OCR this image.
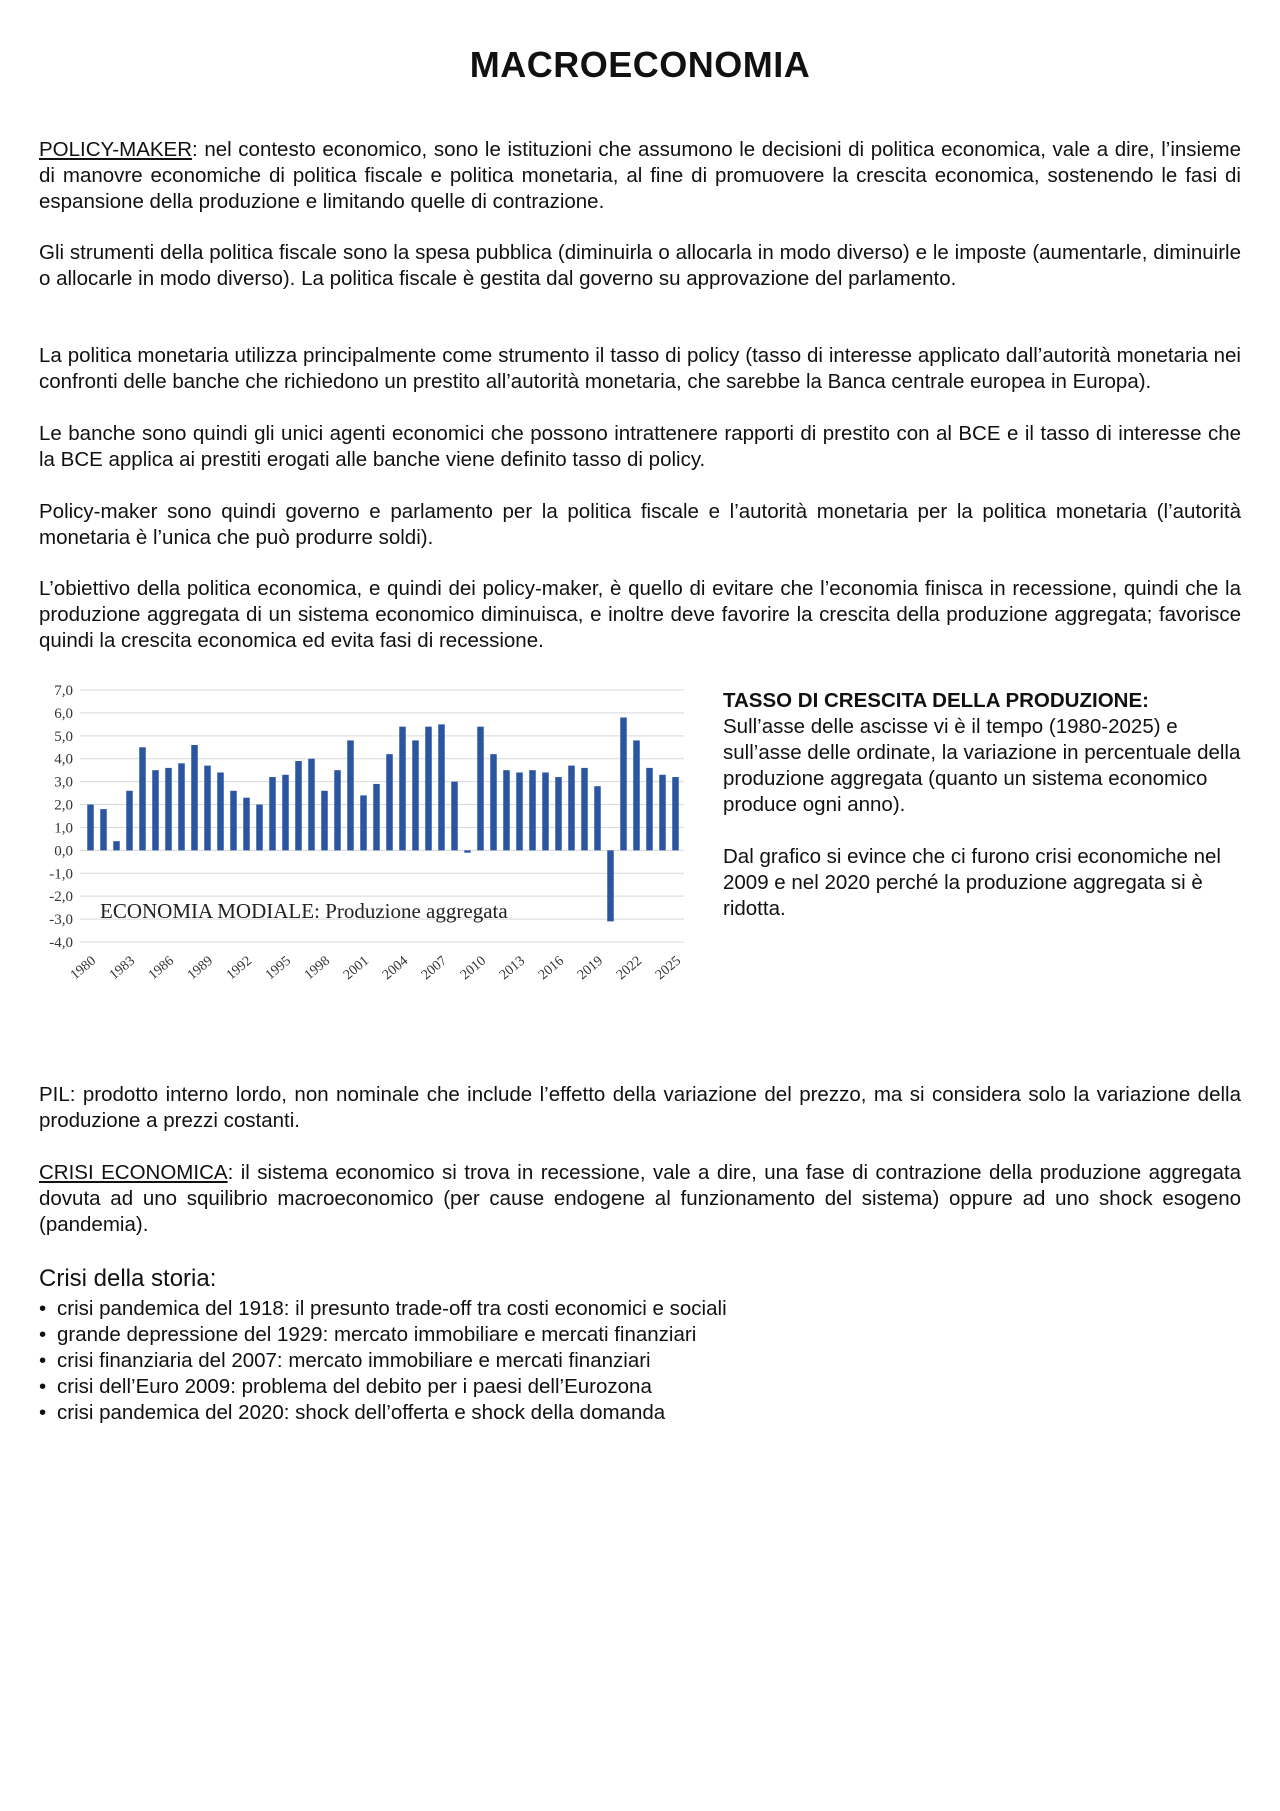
MACROECONOMIA

POLICY-MAKER: nel contesto economico, sono le istituzioni che assumono le decisioni di politica economica, vale a dire, l’insieme di manovre economiche di politica fiscale e politica monetaria, al fine di promuovere la crescita economica, sostenendo le fasi di espansione della produzione e limitando quelle di contrazione.

Gli strumenti della politica fiscale sono la spesa pubblica (diminuirla o allocarla in modo diverso) e le imposte (aumentarle, diminuirle o allocarle in modo diverso). La politica fiscale è gestita dal governo su approvazione del parlamento.

La politica monetaria utilizza principalmente come strumento il tasso di policy (tasso di interesse applicato dall’autorità monetaria nei confronti delle banche che richiedono un prestito all’autorità monetaria, che sarebbe la Banca centrale europea in Europa).

Le banche sono quindi gli unici agenti economici che possono intrattenere rapporti di prestito con al BCE e il tasso di interesse che la BCE applica ai prestiti erogati alle banche viene definito tasso di policy.

Policy-maker sono quindi governo e parlamento per la politica fiscale e l’autorità monetaria per la politica monetaria (l’autorità monetaria è l’unica che può produrre soldi).

L’obiettivo della politica economica, e quindi dei policy-maker, è quello di evitare che l’economia finisca in recessione, quindi che la produzione aggregata di un sistema economico diminuisca, e inoltre deve favorire la crescita della produzione aggregata; favorisce quindi la crescita economica ed evita fasi di recessione.

7,0
6,0
5,0
4,0
3,0
2,0
1,0
0,0
-1,0
-2,0
-3,0
-4,0
1980 1983 1986 1989 1992 1995 1998 2001 2004 2007 2010 2013 2016 2019 2022 2025
ECONOMIA MODIALE: Produzione aggregata

TASSO DI CRESCITA DELLA PRODUZIONE:

Sull’asse delle ascisse vi è il tempo (1980-2025) e sull’asse delle ordinate, la variazione in percentuale della produzione aggregata (quanto un sistema economico produce ogni anno).

Dal grafico si evince che ci furono crisi economiche nel 2009 e nel 2020 perché la produzione aggregata si è ridotta.

PIL: prodotto interno lordo, non nominale che include l’effetto della variazione del prezzo, ma si considera solo la variazione della produzione a prezzi costanti.

CRISI ECONOMICA: il sistema economico si trova in recessione, vale a dire, una fase di contrazione della produzione aggregata dovuta ad uno squilibrio macroeconomico (per cause endogene al funzionamento del sistema) oppure ad uno shock esogeno (pandemia).

Crisi della storia:
• crisi pandemica del 1918: il presunto trade-off tra costi economici e sociali
• grande depressione del 1929: mercato immobiliare e mercati finanziari
• crisi finanziaria del 2007: mercato immobiliare e mercati finanziari
• crisi dell’Euro 2009: problema del debito per i paesi dell’Eurozona
• crisi pandemica del 2020: shock dell’offerta e shock della domanda
